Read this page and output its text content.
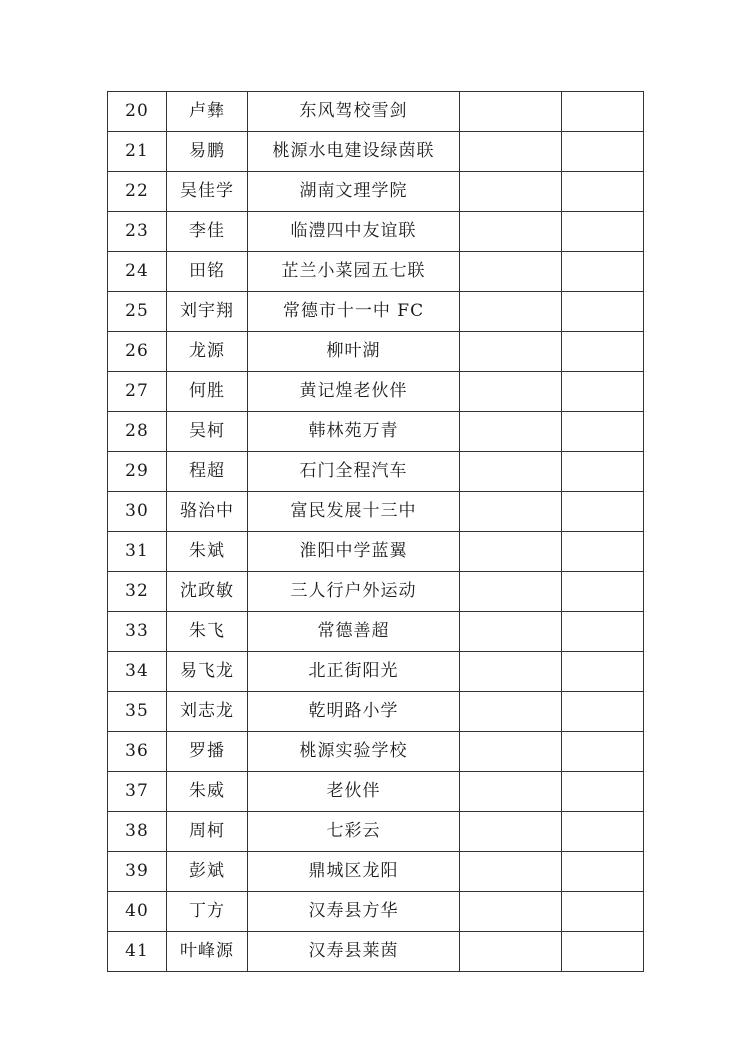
20	卢彝	东风驾校雪剑		
21	易鹏	桃源水电建设绿茵联		
22	吴佳学	湖南文理学院		
23	李佳	临澧四中友谊联		
24	田铭	芷兰小菜园五七联		
25	刘宇翔	常德市十一中 FC		
26	龙源	柳叶湖		
27	何胜	黄记煌老伙伴		
28	吴柯	韩林苑万青		
29	程超	石门全程汽车		
30	骆治中	富民发展十三中		
31	朱斌	淮阳中学蓝翼		
32	沈政敏	三人行户外运动		
33	朱飞	常德善超		
34	易飞龙	北正街阳光		
35	刘志龙	乾明路小学		
36	罗播	桃源实验学校		
37	朱威	老伙伴		
38	周柯	七彩云		
39	彭斌	鼎城区龙阳		
40	丁方	汉寿县方华		
41	叶峰源	汉寿县莱茵		
